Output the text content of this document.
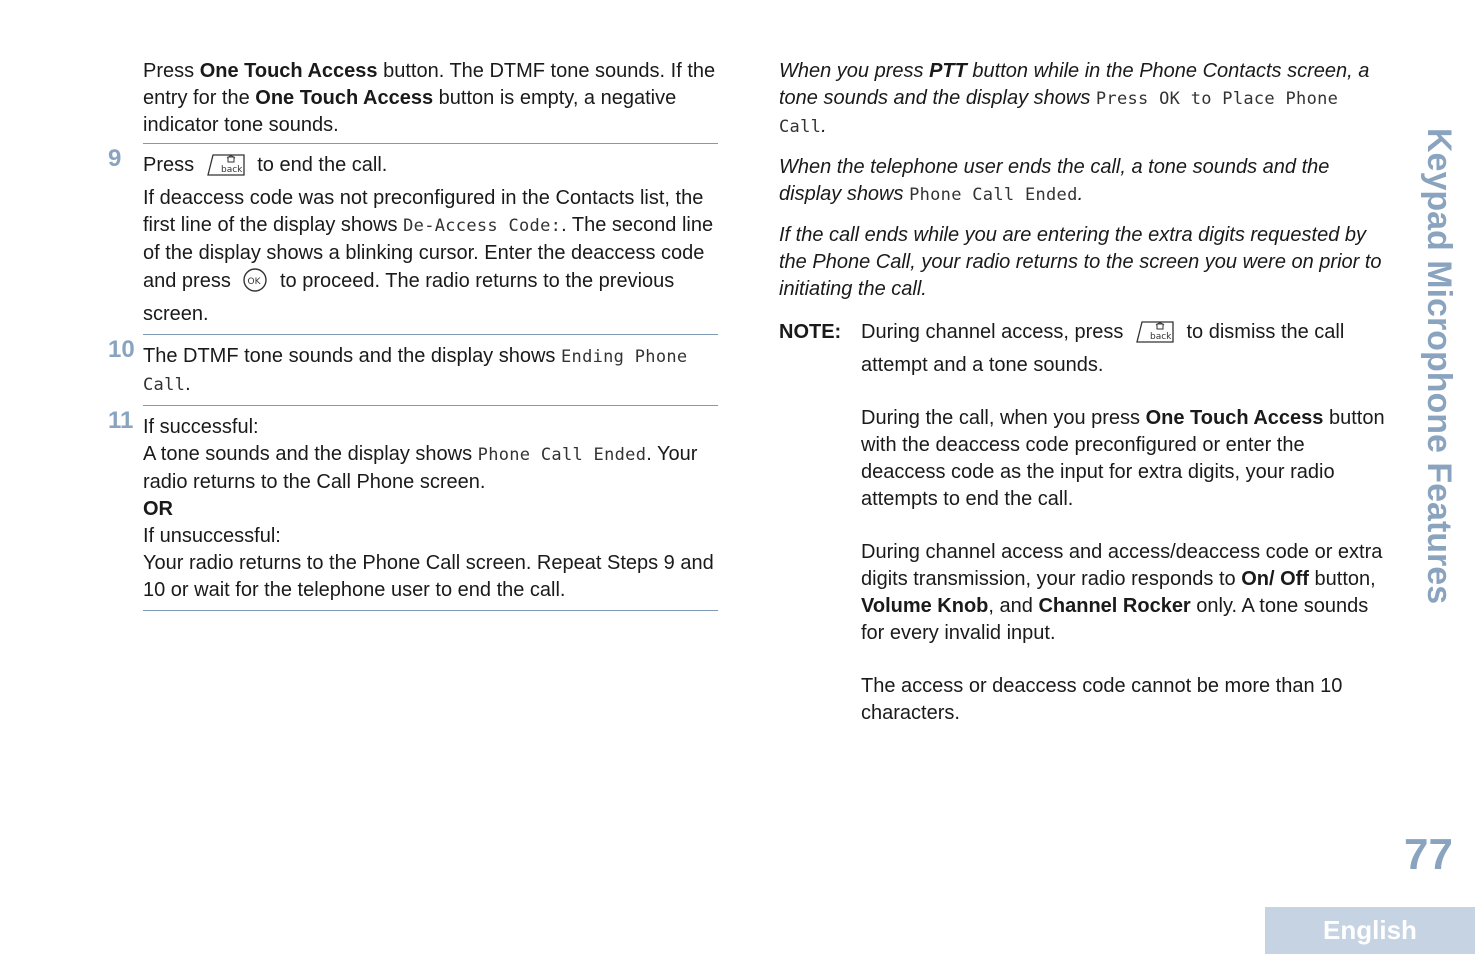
Press One Touch Access button. The DTMF tone sounds. If the entry for the One Touch Access button is empty, a negative indicator tone sounds.
9 Press	back to end the call.
If deaccess code was not preconfigured in the Contacts list, the first line of the display shows De-Access Code:. The second line of the display shows a blinking cursor. Enter the deaccess code and press OK to proceed. The radio returns to the previous screen.
10 The DTMF tone sounds and the display shows Ending Phone Call.
11 If successful:
A tone sounds and the display shows Phone Call Ended. Your radio returns to the Call Phone screen.
OR
If unsuccessful:
Your radio returns to the Phone Call screen. Repeat Steps 9 and 10 or wait for the telephone user to end the call.

When you press PTT button while in the Phone Contacts screen, a tone sounds and the display shows Press OK to Place Phone Call.

When the telephone user ends the call, a tone sounds and the display shows Phone Call Ended.

If the call ends while you are entering the extra digits requested by the Phone Call, your radio returns to the screen you were on prior to initiating the call.

NOTE: During channel access, press	back to dismiss the call attempt and a tone sounds.

During the call, when you press One Touch Access button with the deaccess code preconfigured or enter the deaccess code as the input for extra digits, your radio attempts to end the call.

During channel access and access/deaccess code or extra digits transmission, your radio responds to On/ Off button, Volume Knob, and Channel Rocker only. A tone sounds for every invalid input.

The access or deaccess code cannot be more than 10 characters.

Keypad Microphone Features
77
English
